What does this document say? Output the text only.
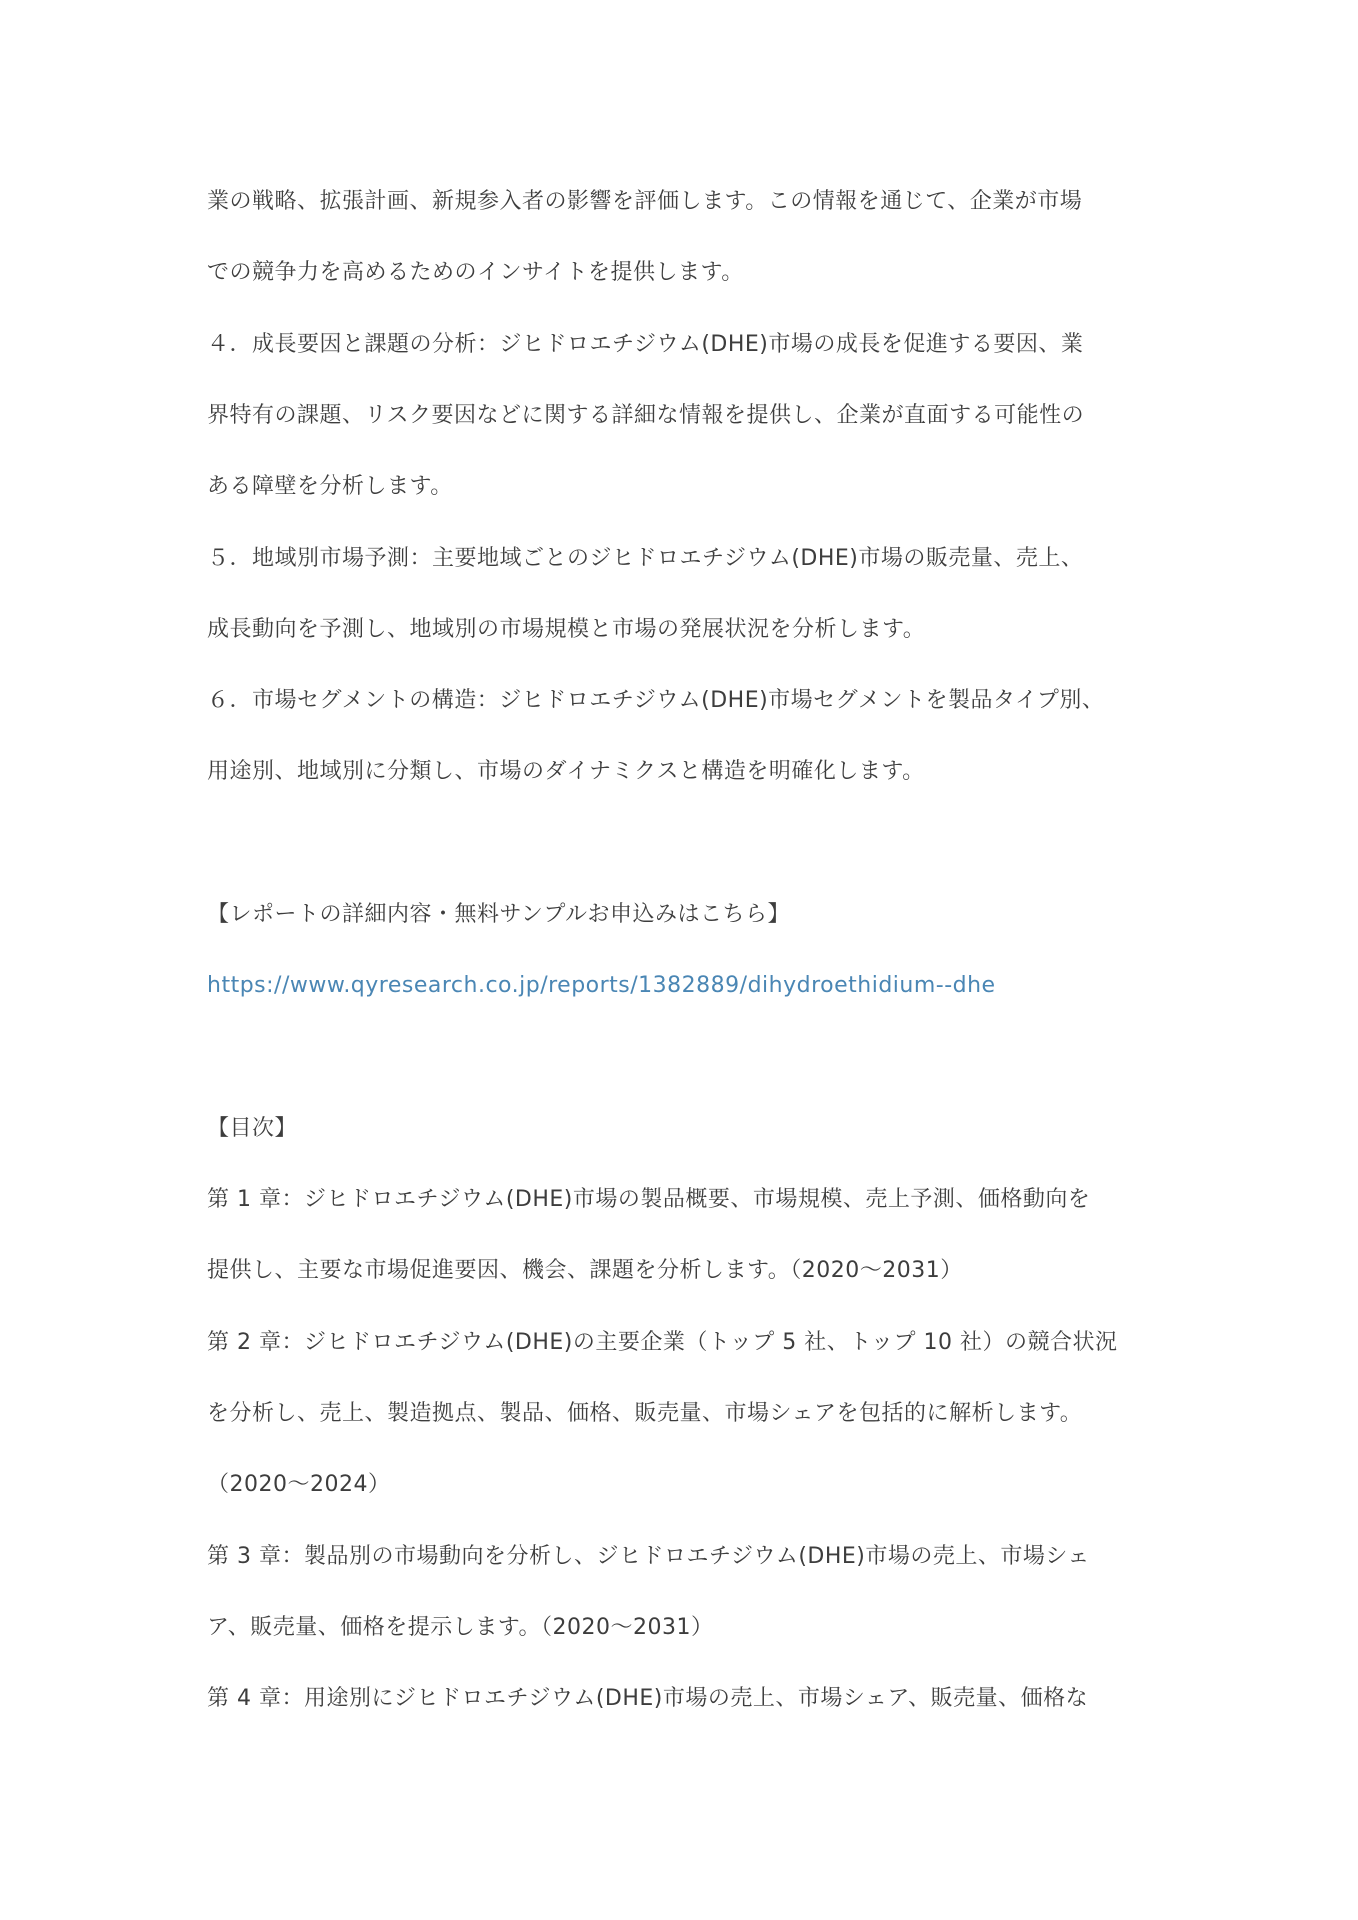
業の戦略、拡張計画、新規参入者の影響を評価します。この情報を通じて、企業が市場
での競争力を高めるためのインサイトを提供します。
４．成長要因と課題の分析：ジヒドロエチジウム(DHE)市場の成長を促進する要因、業
界特有の課題、リスク要因などに関する詳細な情報を提供し、企業が直面する可能性の
ある障壁を分析します。
５．地域別市場予測：主要地域ごとのジヒドロエチジウム(DHE)市場の販売量、売上、
成長動向を予測し、地域別の市場規模と市場の発展状況を分析します。
６．市場セグメントの構造：ジヒドロエチジウム(DHE)市場セグメントを製品タイプ別、
用途別、地域別に分類し、市場のダイナミクスと構造を明確化します。
【レポートの詳細内容・無料サンプルお申込みはこちら】
https://www.qyresearch.co.jp/reports/1382889/dihydroethidium--dhe
【目次】
第 1 章：ジヒドロエチジウム(DHE)市場の製品概要、市場規模、売上予測、価格動向を
提供し、主要な市場促進要因、機会、課題を分析します。（2020～2031）
第 2 章：ジヒドロエチジウム(DHE)の主要企業（トップ 5 社、トップ 10 社）の競合状況
を分析し、売上、製造拠点、製品、価格、販売量、市場シェアを包括的に解析します。
（2020～2024）
第 3 章：製品別の市場動向を分析し、ジヒドロエチジウム(DHE)市場の売上、市場シェ
ア、販売量、価格を提示します。（2020～2031）
第 4 章：用途別にジヒドロエチジウム(DHE)市場の売上、市場シェア、販売量、価格な
